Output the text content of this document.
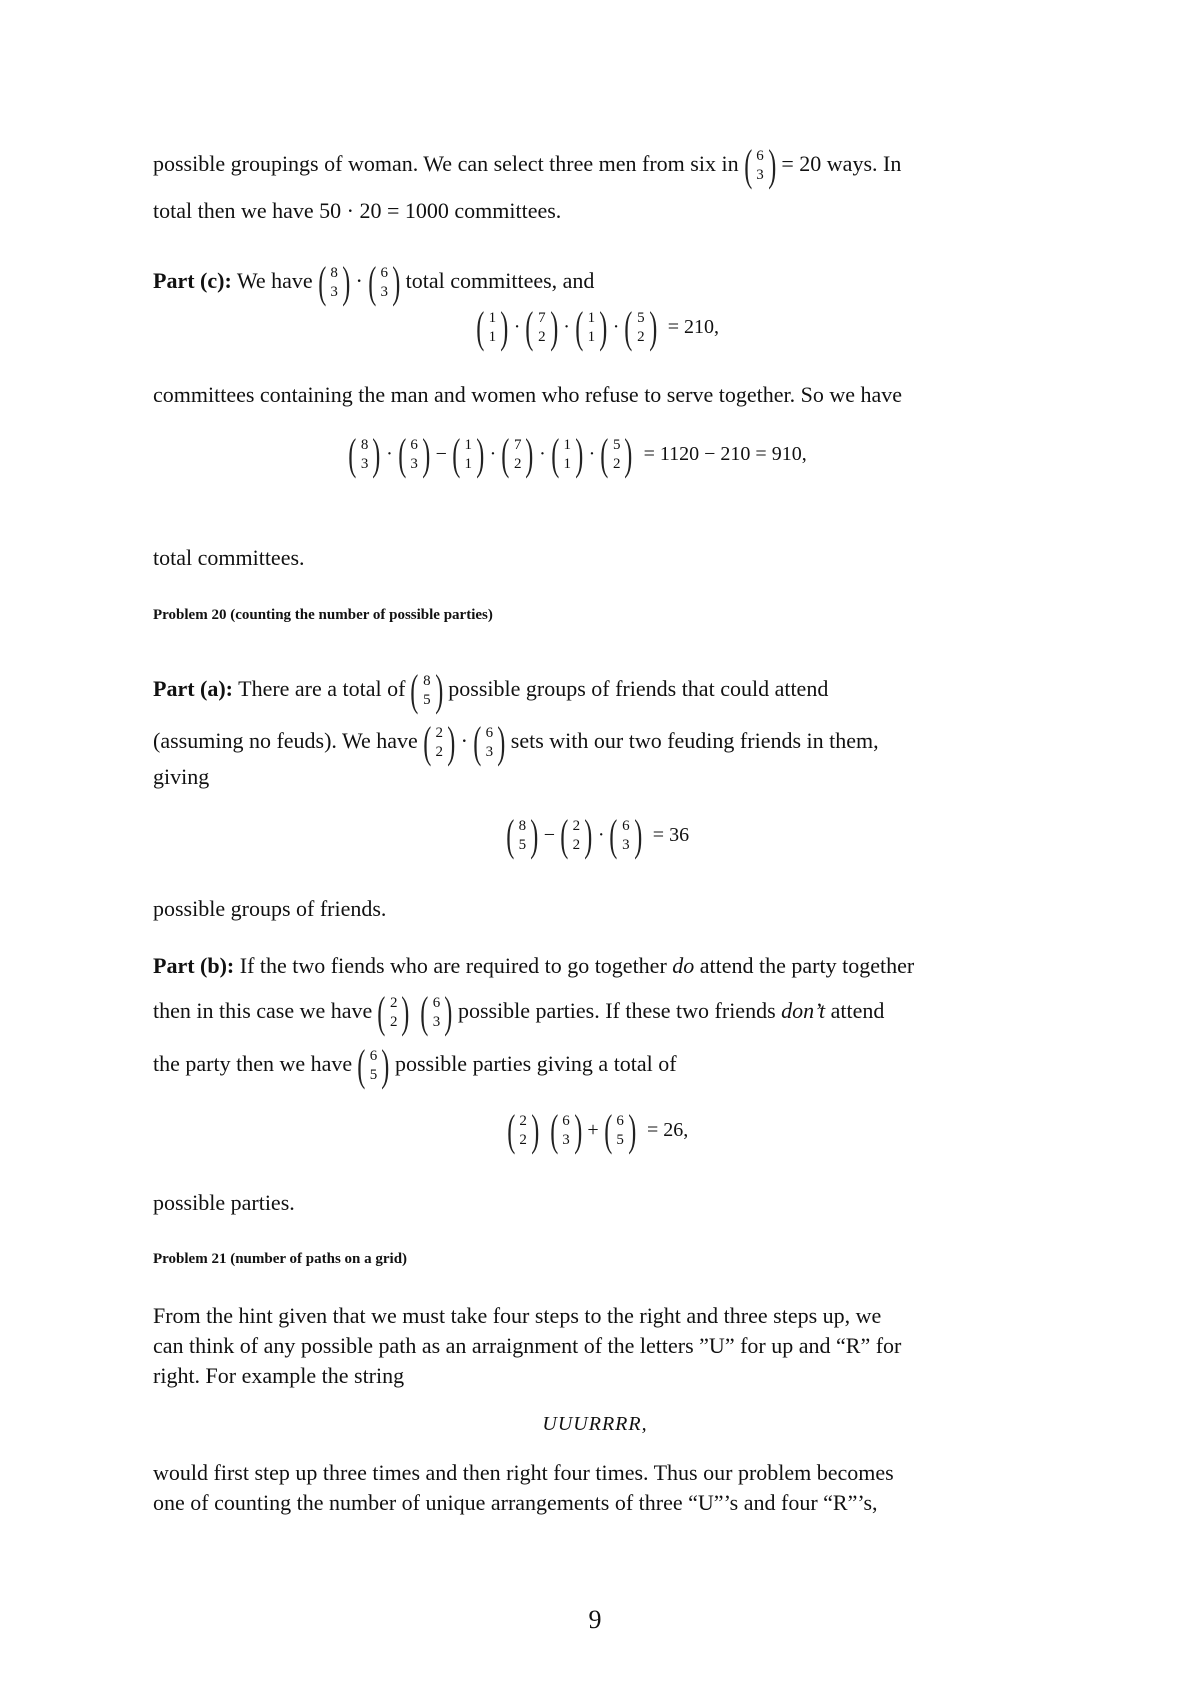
possible groupings of woman. We can select three men from six in ( 6
3 ) = 20 ways. In
total then we have 50 · 20 = 1000 committees.
Part (c): We have ( 8
3 ) · ( 6
3 ) total committees, and
( 1
1 ) · ( 7
2 ) · ( 1
1 ) · ( 5
2 ) = 210,
committees containing the man and women who refuse to serve together. So we have
( 8
3 ) · ( 6
3 ) − ( 1
1 ) · ( 7
2 ) · ( 1
1 ) · ( 5
2 ) = 1120 − 210 = 910,
total committees.
Problem 20 (counting the number of possible parties)
Part (a): There are a total of ( 8
5 ) possible groups of friends that could attend
(assuming no feuds). We have ( 2
2 ) · ( 6
3 ) sets with our two feuding friends in them,
giving
( 8
5 ) − ( 2
2 ) · ( 6
3 ) = 36
possible groups of friends.
Part (b): If the two fiends who are required to go together do attend the party together
then in this case we have ( 2
2 ) ( 6
3 ) possible parties. If these two friends don’t attend
the party then we have ( 6
5 ) possible parties giving a total of
( 2
2 ) ( 6
3 ) + ( 6
5 ) = 26,
possible parties.
Problem 21 (number of paths on a grid)
From the hint given that we must take four steps to the right and three steps up, we
can think of any possible path as an arraignment of the letters ”U” for up and “R” for
right. For example the string
UUURRRR,
would first step up three times and then right four times. Thus our problem becomes
one of counting the number of unique arrangements of three “U”’s and four “R”’s,
9
